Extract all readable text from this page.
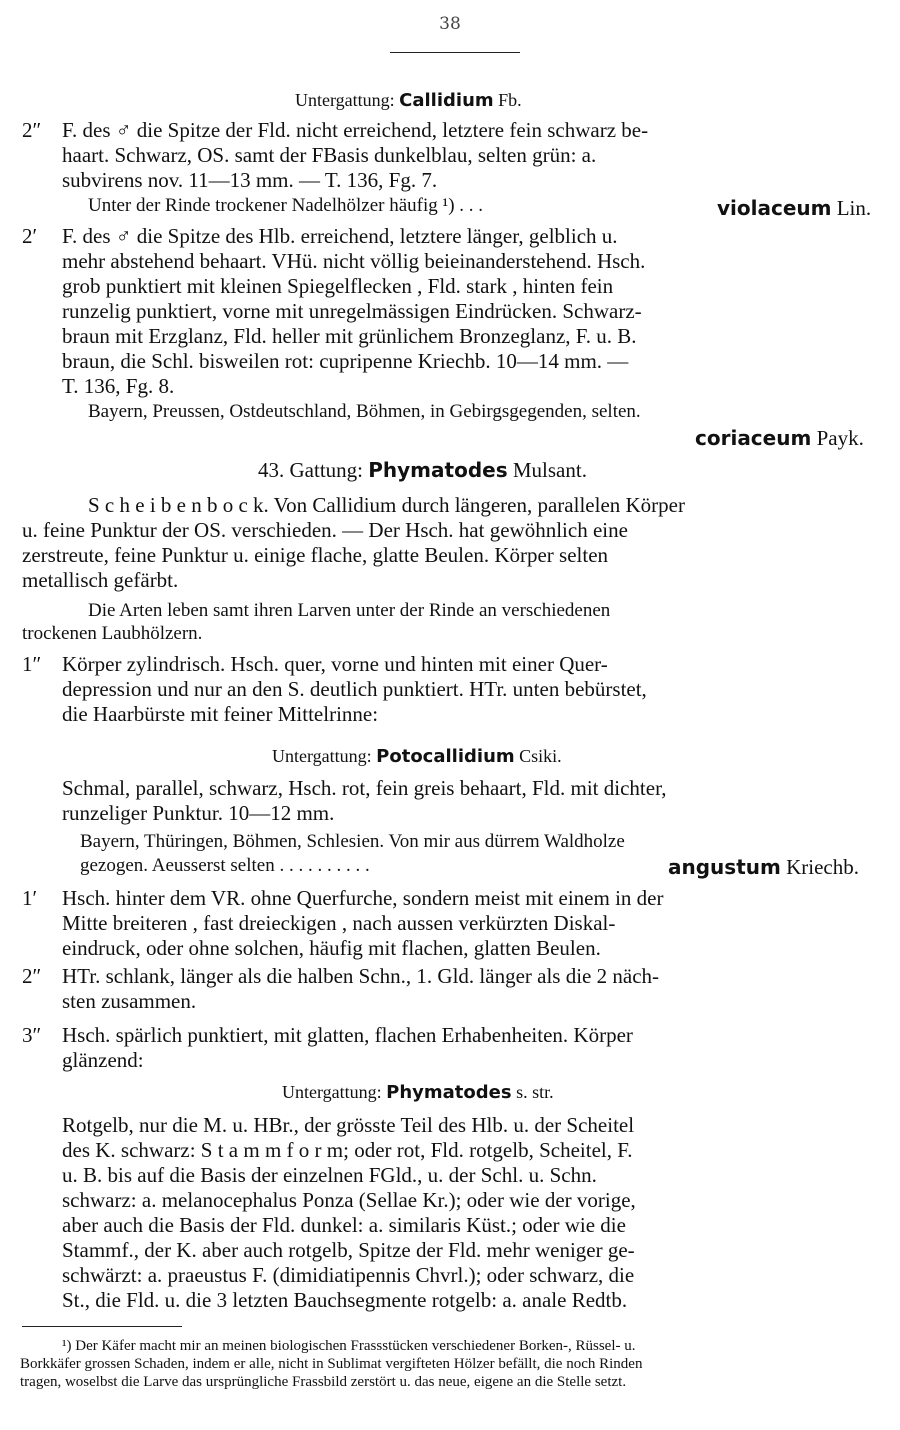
38
Untergattung: Callidium Fb.
2″ F. des ♂ die Spitze der Fld. nicht erreichend, letztere fein schwarz be-
haart. Schwarz, OS. samt der FBasis dunkelblau, selten grün: a.
subvirens nov. 11—13 mm. — T. 136, Fg. 7.
Unter der Rinde trockener Nadelhölzer häufig ¹) . . .	violaceum Lin.
2′ F. des ♂ die Spitze des Hlb. erreichend, letztere länger, gelblich u.
mehr abstehend behaart. VHü. nicht völlig beieinanderstehend. Hsch.
grob punktiert mit kleinen Spiegelflecken , Fld. stark , hinten fein
runzelig punktiert, vorne mit unregelmässigen Eindrücken. Schwarz-
braun mit Erzglanz, Fld. heller mit grünlichem Bronzeglanz, F. u. B.
braun, die Schl. bisweilen rot: cupripenne Kriechb. 10—14 mm. —
T. 136, Fg. 8.
Bayern, Preussen, Ostdeutschland, Böhmen, in Gebirgsgegenden, selten.
coriaceum Payk.
43. Gattung: Phymatodes Mulsant.
S c h e i b e n b o c k. Von Callidium durch längeren, parallelen Körper
u. feine Punktur der OS. verschieden. — Der Hsch. hat gewöhnlich eine
zerstreute, feine Punktur u. einige flache, glatte Beulen. Körper selten
metallisch gefärbt.
Die Arten leben samt ihren Larven unter der Rinde an verschiedenen
trockenen Laubhölzern.
1″ Körper zylindrisch. Hsch. quer, vorne und hinten mit einer Quer-
depression und nur an den S. deutlich punktiert. HTr. unten bebürstet,
die Haarbürste mit feiner Mittelrinne:
Untergattung: Potocallidium Csiki.
Schmal, parallel, schwarz, Hsch. rot, fein greis behaart, Fld. mit dichter,
runzeliger Punktur. 10—12 mm.
Bayern, Thüringen, Böhmen, Schlesien. Von mir aus dürrem Waldholze
gezogen. Aeusserst selten . . . . . . . . . .	angustum Kriechb.
1′ Hsch. hinter dem VR. ohne Querfurche, sondern meist mit einem in der
Mitte breiteren , fast dreieckigen , nach aussen verkürzten Diskal-
eindruck, oder ohne solchen, häufig mit flachen, glatten Beulen.
2″ HTr. schlank, länger als die halben Schn., 1. Gld. länger als die 2 näch-
sten zusammen.
3″ Hsch. spärlich punktiert, mit glatten, flachen Erhabenheiten. Körper
glänzend:
Untergattung: Phymatodes s. str.
Rotgelb, nur die M. u. HBr., der grösste Teil des Hlb. u. der Scheitel
des K. schwarz: S t a m m f o r m; oder rot, Fld. rotgelb, Scheitel, F.
u. B. bis auf die Basis der einzelnen FGld., u. der Schl. u. Schn.
schwarz: a. melanocephalus Ponza (Sellae Kr.); oder wie der vorige,
aber auch die Basis der Fld. dunkel: a. similaris Küst.; oder wie die
Stammf., der K. aber auch rotgelb, Spitze der Fld. mehr weniger ge-
schwärzt: a. praeustus F. (dimidiatipennis Chvrl.); oder schwarz, die
St., die Fld. u. die 3 letzten Bauchsegmente rotgelb: a. anale Redtb.
¹) Der Käfer macht mir an meinen biologischen Frassstücken verschiedener Borken-, Rüssel- u.
Borkkäfer grossen Schaden, indem er alle, nicht in Sublimat vergifteten Hölzer befällt, die noch Rinden
tragen, woselbst die Larve das ursprüngliche Frassbild zerstört u. das neue, eigene an die Stelle setzt.
